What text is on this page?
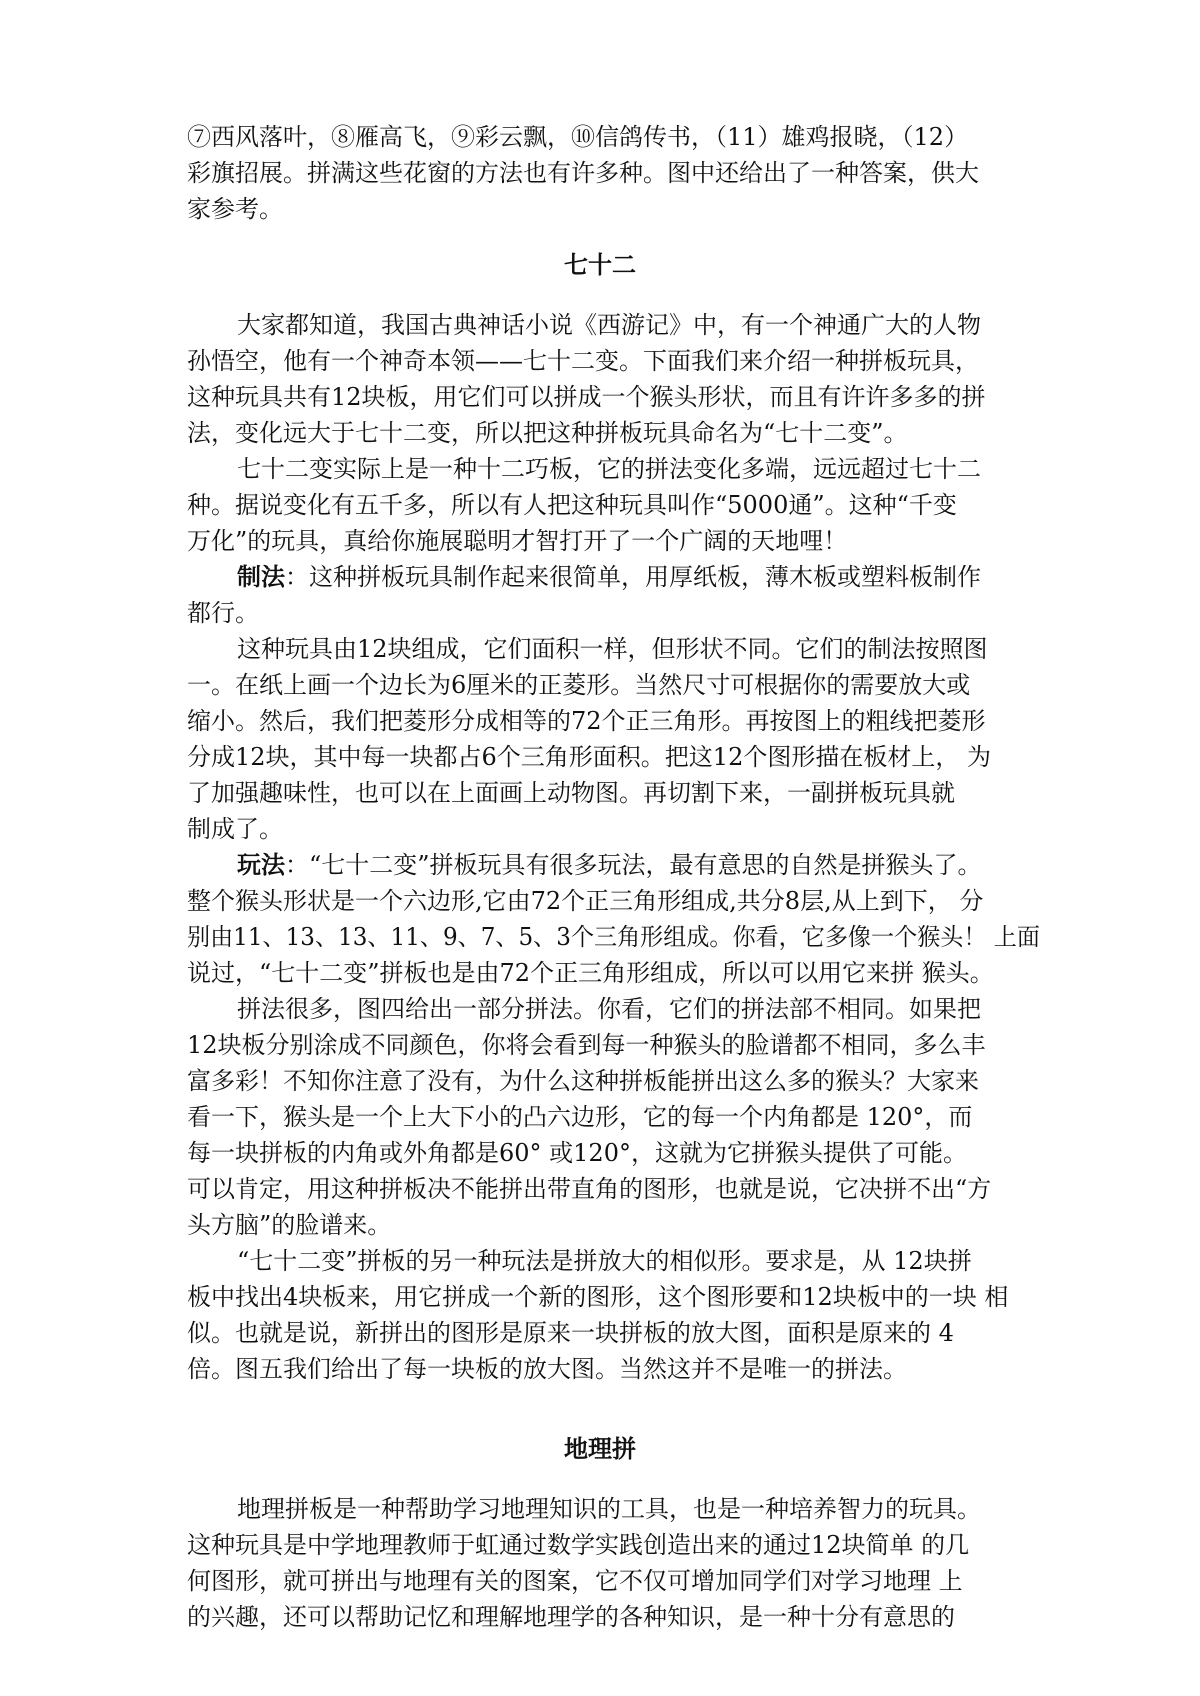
⑦西风落叶，⑧雁高飞，⑨彩云飘，⑩信鸽传书，（11）雄鸡报晓，（12）
彩旗招展。拼满这些花窗的方法也有许多种。图中还给出了一种答案，供大
家参考。
七十二
大家都知道，我国古典神话小说《西游记》中，有一个神通广大的人物
孙悟空，他有一个神奇本领——七十二变。下面我们来介绍一种拼板玩具，
这种玩具共有12块板，用它们可以拼成一个猴头形状，而且有许许多多的拼
法，变化远大于七十二变，所以把这种拼板玩具命名为“七十二变”。
七十二变实际上是一种十二巧板，它的拼法变化多端，远远超过七十二
种。据说变化有五千多，所以有人把这种玩具叫作“5000通”。这种“千变
万化”的玩具，真给你施展聪明才智打开了一个广阔的天地哩！
制法：这种拼板玩具制作起来很简单，用厚纸板，薄木板或塑料板制作
都行。
这种玩具由12块组成，它们面积一样，但形状不同。它们的制法按照图
一。在纸上画一个边长为6厘米的正菱形。当然尺寸可根据你的需要放大或
缩小。然后，我们把菱形分成相等的72个正三角形。再按图上的粗线把菱形
分成12块，其中每一块都占6个三角形面积。把这12个图形描在板材上， 为
了加强趣味性，也可以在上面画上动物图。再切割下来，一副拼板玩具就
制成了。
玩法：“七十二变”拼板玩具有很多玩法，最有意思的自然是拼猴头了。
整个猴头形状是一个六边形,它由72个正三角形组成,共分8层,从上到下， 分
别由11、13、13、11、9、7、5、3个三角形组成。你看，它多像一个猴头！ 上面
说过，“七十二变”拼板也是由72个正三角形组成，所以可以用它来拼 猴头。
拼法很多，图四给出一部分拼法。你看，它们的拼法部不相同。如果把
12块板分别涂成不同颜色，你将会看到每一种猴头的脸谱都不相同，多么丰
富多彩！不知你注意了没有，为什么这种拼板能拼出这么多的猴头？大家来
看一下，猴头是一个上大下小的凸六边形，它的每一个内角都是 120°，而
每一块拼板的内角或外角都是60° 或120°，这就为它拼猴头提供了可能。
可以肯定，用这种拼板决不能拼出带直角的图形，也就是说，它决拼不出“方
头方脑”的脸谱来。
“七十二变”拼板的另一种玩法是拼放大的相似形。要求是，从 12块拼
板中找出4块板来，用它拼成一个新的图形，这个图形要和12块板中的一块 相
似。也就是说，新拼出的图形是原来一块拼板的放大图，面积是原来的 4
倍。图五我们给出了每一块板的放大图。当然这并不是唯一的拼法。
地理拼
地理拼板是一种帮助学习地理知识的工具，也是一种培养智力的玩具。
这种玩具是中学地理教师于虹通过数学实践创造出来的通过12块简单 的几
何图形，就可拼出与地理有关的图案，它不仅可增加同学们对学习地理 上
的兴趣，还可以帮助记忆和理解地理学的各种知识，是一种十分有意思的
